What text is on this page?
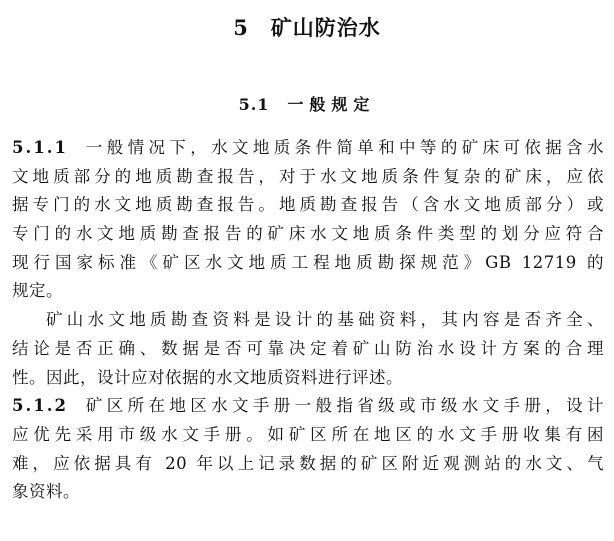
5 矿山防治水
5.1 一般规定
5.1.1 一般情况下，水文地质条件简单和中等的矿床可依据含水
文地质部分的地质勘查报告，对于水文地质条件复杂的矿床，应依
据专门的水文地质勘查报告。地质勘查报告（含水文地质部分）或
专门的水文地质勘查报告的矿床水文地质条件类型的划分应符合
现行国家标准《矿区水文地质工程地质勘探规范》GB 12719 的
规定。
矿山水文地质勘查资料是设计的基础资料，其内容是否齐全、
结论是否正确、数据是否可靠决定着矿山防治水设计方案的合理
性。因此，设计应对依据的水文地质资料进行评述。
5.1.2 矿区所在地区水文手册一般指省级或市级水文手册，设计
应优先采用市级水文手册。如矿区所在地区的水文手册收集有困
难，应依据具有 20 年以上记录数据的矿区附近观测站的水文、气
象资料。
